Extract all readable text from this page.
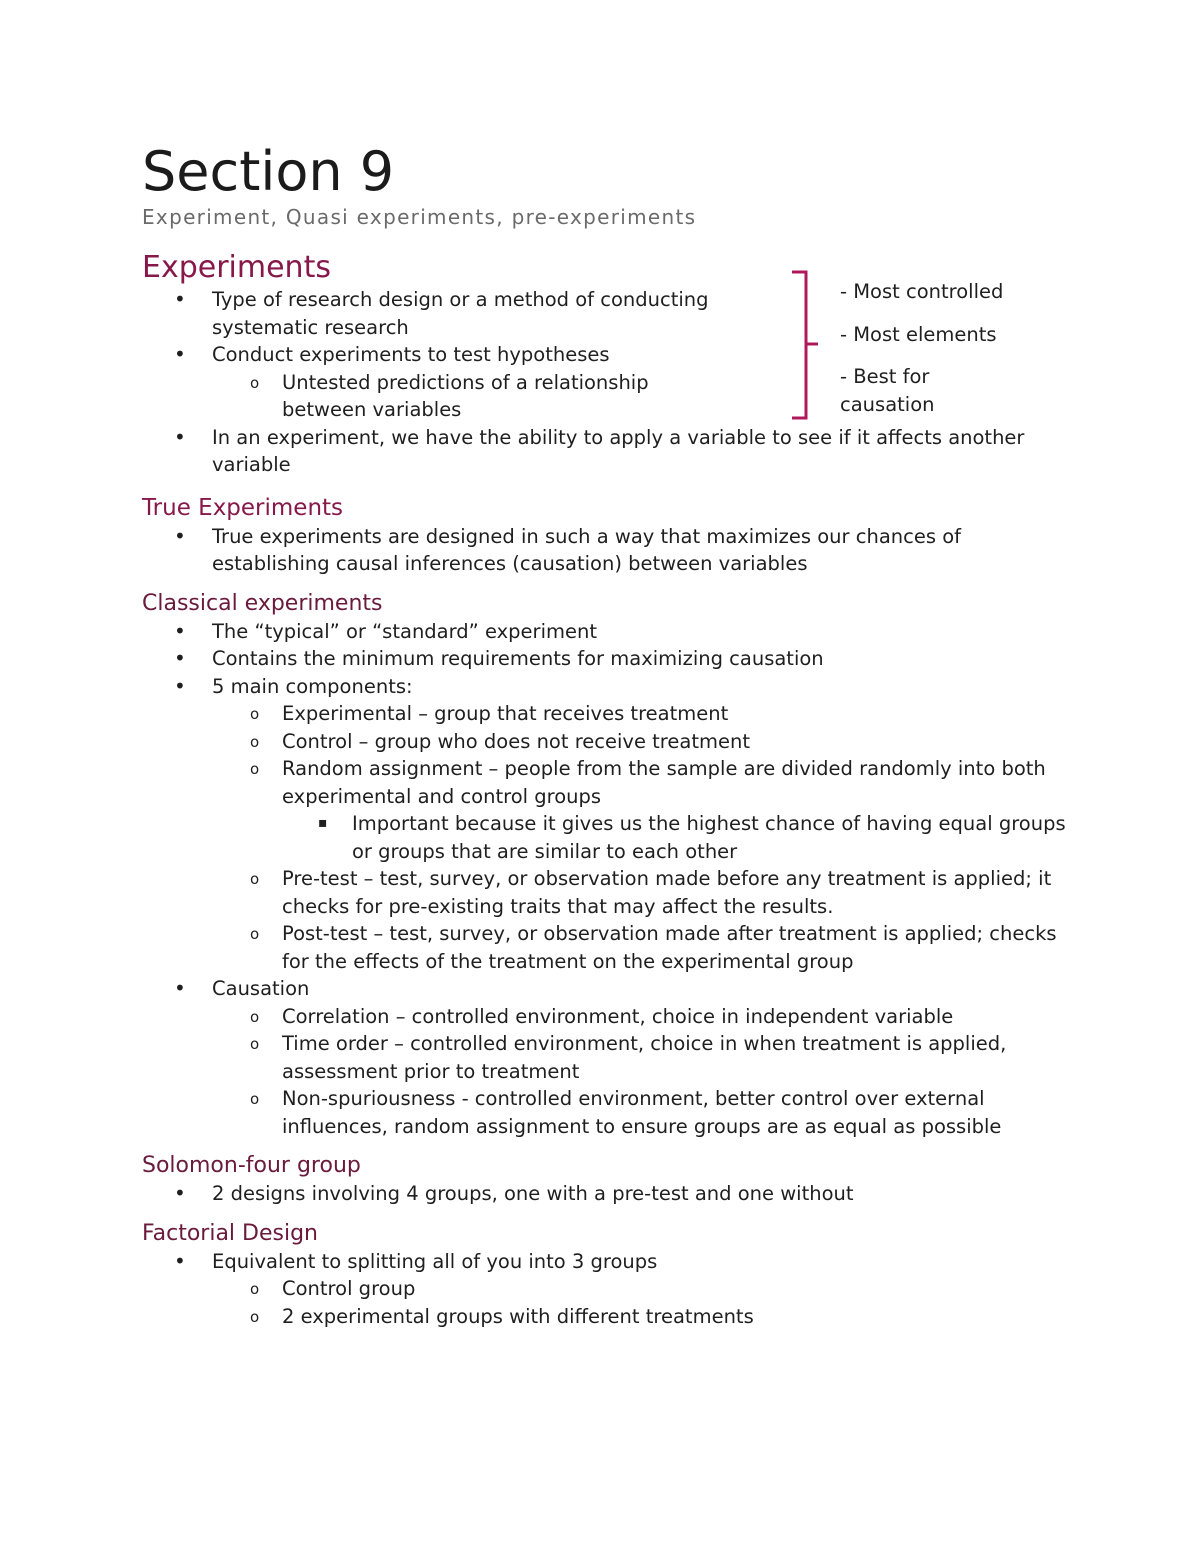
Section 9

Experiment, Quasi experiments, pre-experiments

Experiments
• Type of research design or a method of conducting systematic research
• Conduct experiments to test hypotheses
o Untested predictions of a relationship between variables
• In an experiment, we have the ability to apply a variable to see if it affects another variable
True Experiments
• True experiments are designed in such a way that maximizes our chances of establishing causal inferences (causation) between variables
Classical experiments
• The “typical” or “standard” experiment
• Contains the minimum requirements for maximizing causation
• 5 main components:
o Experimental – group that receives treatment
o Control – group who does not receive treatment
o Random assignment – people from the sample are divided randomly into both experimental and control groups
▪ Important because it gives us the highest chance of having equal groups or groups that are similar to each other
o Pre-test – test, survey, or observation made before any treatment is applied; it checks for pre-existing traits that may affect the results.
o Post-test – test, survey, or observation made after treatment is applied; checks for the effects of the treatment on the experimental group
• Causation
o Correlation – controlled environment, choice in independent variable
o Time order – controlled environment, choice in when treatment is applied, assessment prior to treatment
o Non-spuriousness - controlled environment, better control over external influences, random assignment to ensure groups are as equal as possible
Solomon-four group
• 2 designs involving 4 groups, one with a pre-test and one without
Factorial Design
• Equivalent to splitting all of you into 3 groups
o Control group
o 2 experimental groups with different treatments

- Most controlled

- Most elements

- Best for causation
